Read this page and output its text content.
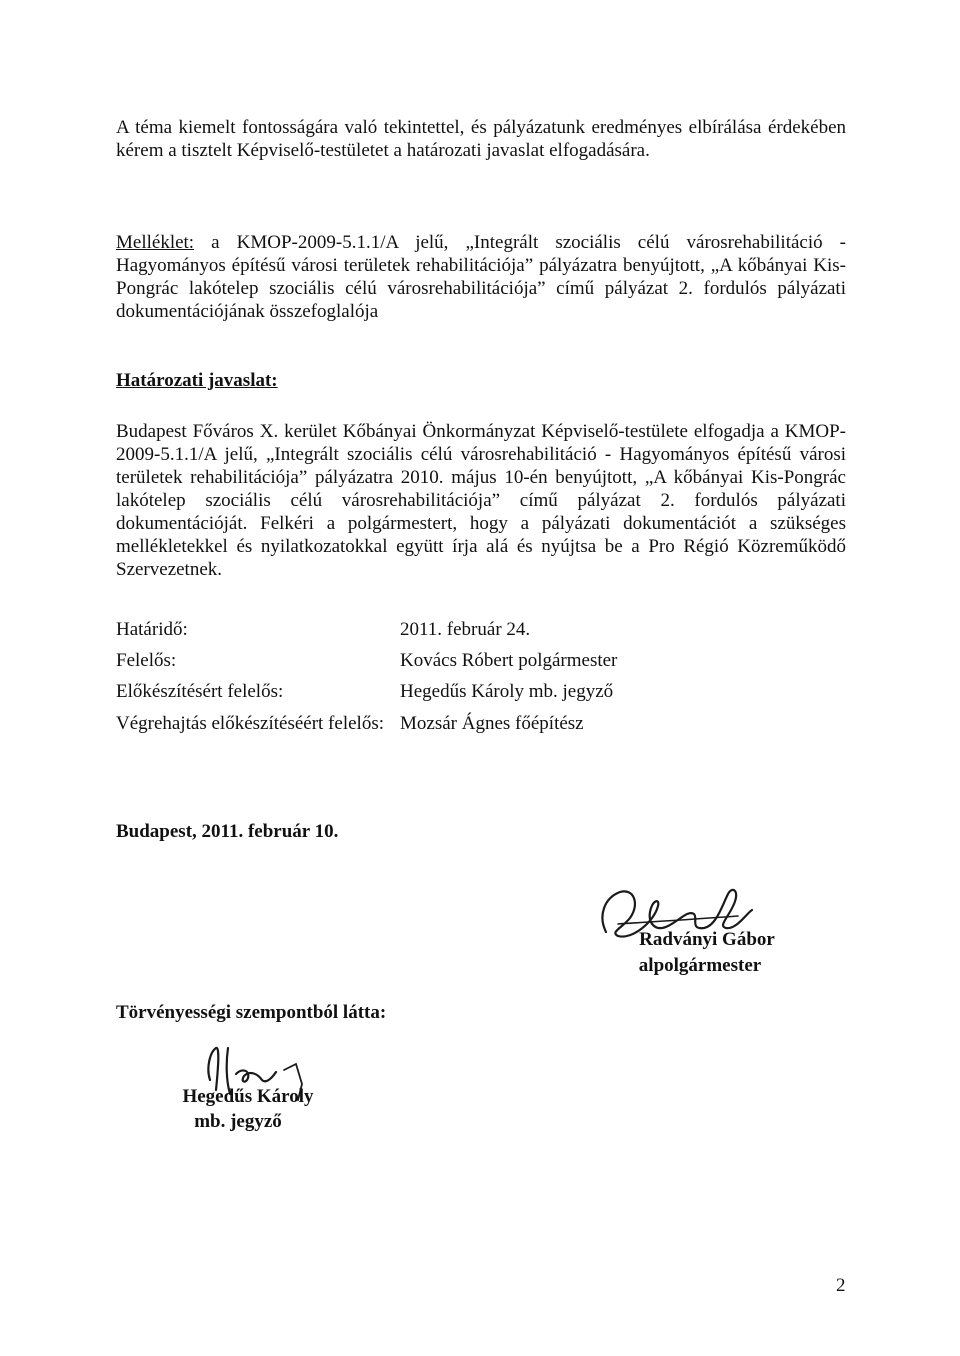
A téma kiemelt fontosságára való tekintettel, és pályázatunk eredményes elbírálása érdekében kérem a tisztelt Képviselő-testületet a határozati javaslat elfogadására.
Melléklet: a KMOP-2009-5.1.1/A jelű, „Integrált szociális célú városrehabilitáció - Hagyományos építésű városi területek rehabilitációja” pályázatra benyújtott, „A kőbányai Kis-Pongrác lakótelep szociális célú városrehabilitációja” című pályázat 2. fordulós pályázati dokumentációjának összefoglalója
Határozati javaslat:
Budapest Főváros X. kerület Kőbányai Önkormányzat Képviselő-testülete elfogadja a KMOP-2009-5.1.1/A jelű, „Integrált szociális célú városrehabilitáció - Hagyományos építésű városi területek rehabilitációja” pályázatra 2010. május 10-én benyújtott, „A kőbányai Kis-Pongrác lakótelep szociális célú városrehabilitációja” című pályázat 2. fordulós pályázati dokumentációját. Felkéri a polgármestert, hogy a pályázati dokumentációt a szükséges mellékletekkel és nyilatkozatokkal együtt írja alá és nyújtsa be a Pro Régió Közreműködő Szervezetnek.
Határidő:	2011. február 24.
Felelős:	Kovács Róbert polgármester
Előkészítésért felelős:	Hegedűs Károly mb. jegyző
Végrehajtás előkészítéséért felelős: Mozsár Ágnes főépítész
Budapest, 2011. február 10.
Radványi Gábor
alpolgármester
Törvényességi szempontból látta:
Hegedűs Károly
mb. jegyző
2
